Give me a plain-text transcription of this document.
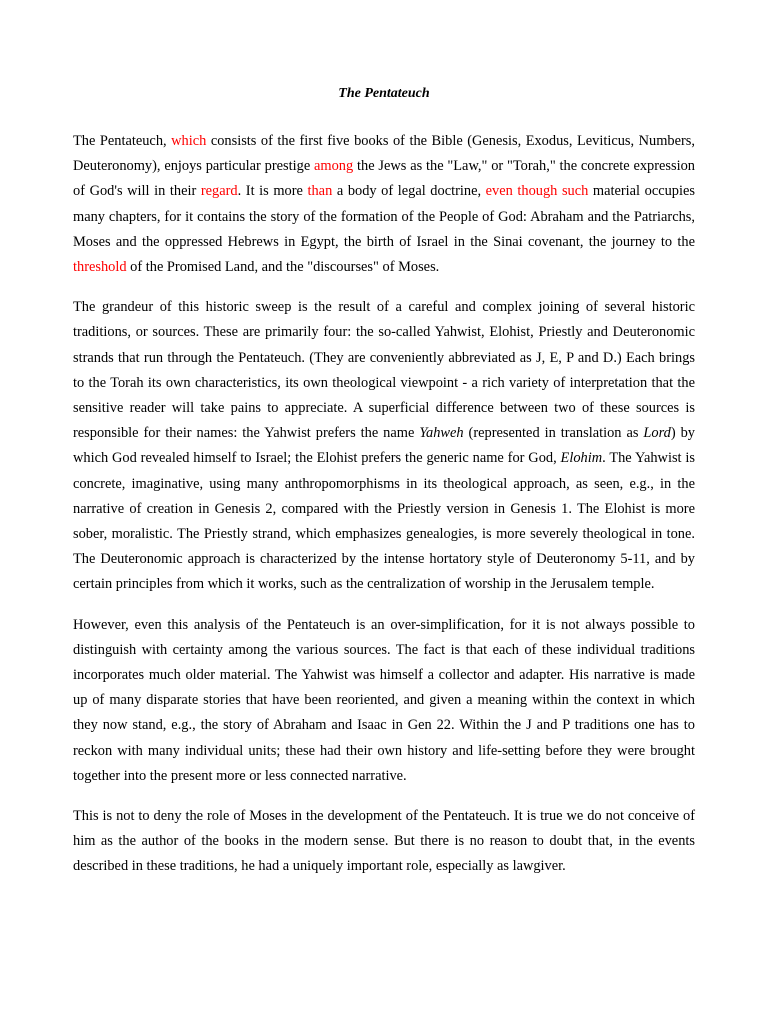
The Pentateuch

The Pentateuch, which consists of the first five books of the Bible (Genesis, Exodus, Leviticus, Numbers, Deuteronomy), enjoys particular prestige among the Jews as the "Law," or "Torah," the concrete expression of God's will in their regard. It is more than a body of legal doctrine, even though such material occupies many chapters, for it contains the story of the formation of the People of God: Abraham and the Patriarchs, Moses and the oppressed Hebrews in Egypt, the birth of Israel in the Sinai covenant, the journey to the threshold of the Promised Land, and the "discourses" of Moses.

The grandeur of this historic sweep is the result of a careful and complex joining of several historic traditions, or sources. These are primarily four: the so-called Yahwist, Elohist, Priestly and Deuteronomic strands that run through the Pentateuch. (They are conveniently abbreviated as J, E, P and D.) Each brings to the Torah its own characteristics, its own theological viewpoint - a rich variety of interpretation that the sensitive reader will take pains to appreciate. A superficial difference between two of these sources is responsible for their names: the Yahwist prefers the name Yahweh (represented in translation as Lord) by which God revealed himself to Israel; the Elohist prefers the generic name for God, Elohim. The Yahwist is concrete, imaginative, using many anthropomorphisms in its theological approach, as seen, e.g., in the narrative of creation in Genesis 2, compared with the Priestly version in Genesis 1. The Elohist is more sober, moralistic. The Priestly strand, which emphasizes genealogies, is more severely theological in tone. The Deuteronomic approach is characterized by the intense hortatory style of Deuteronomy 5-11, and by certain principles from which it works, such as the centralization of worship in the Jerusalem temple.

However, even this analysis of the Pentateuch is an over-simplification, for it is not always possible to distinguish with certainty among the various sources. The fact is that each of these individual traditions incorporates much older material. The Yahwist was himself a collector and adapter. His narrative is made up of many disparate stories that have been reoriented, and given a meaning within the context in which they now stand, e.g., the story of Abraham and Isaac in Gen 22. Within the J and P traditions one has to reckon with many individual units; these had their own history and life-setting before they were brought together into the present more or less connected narrative.

This is not to deny the role of Moses in the development of the Pentateuch. It is true we do not conceive of him as the author of the books in the modern sense. But there is no reason to doubt that, in the events described in these traditions, he had a uniquely important role, especially as lawgiver.
